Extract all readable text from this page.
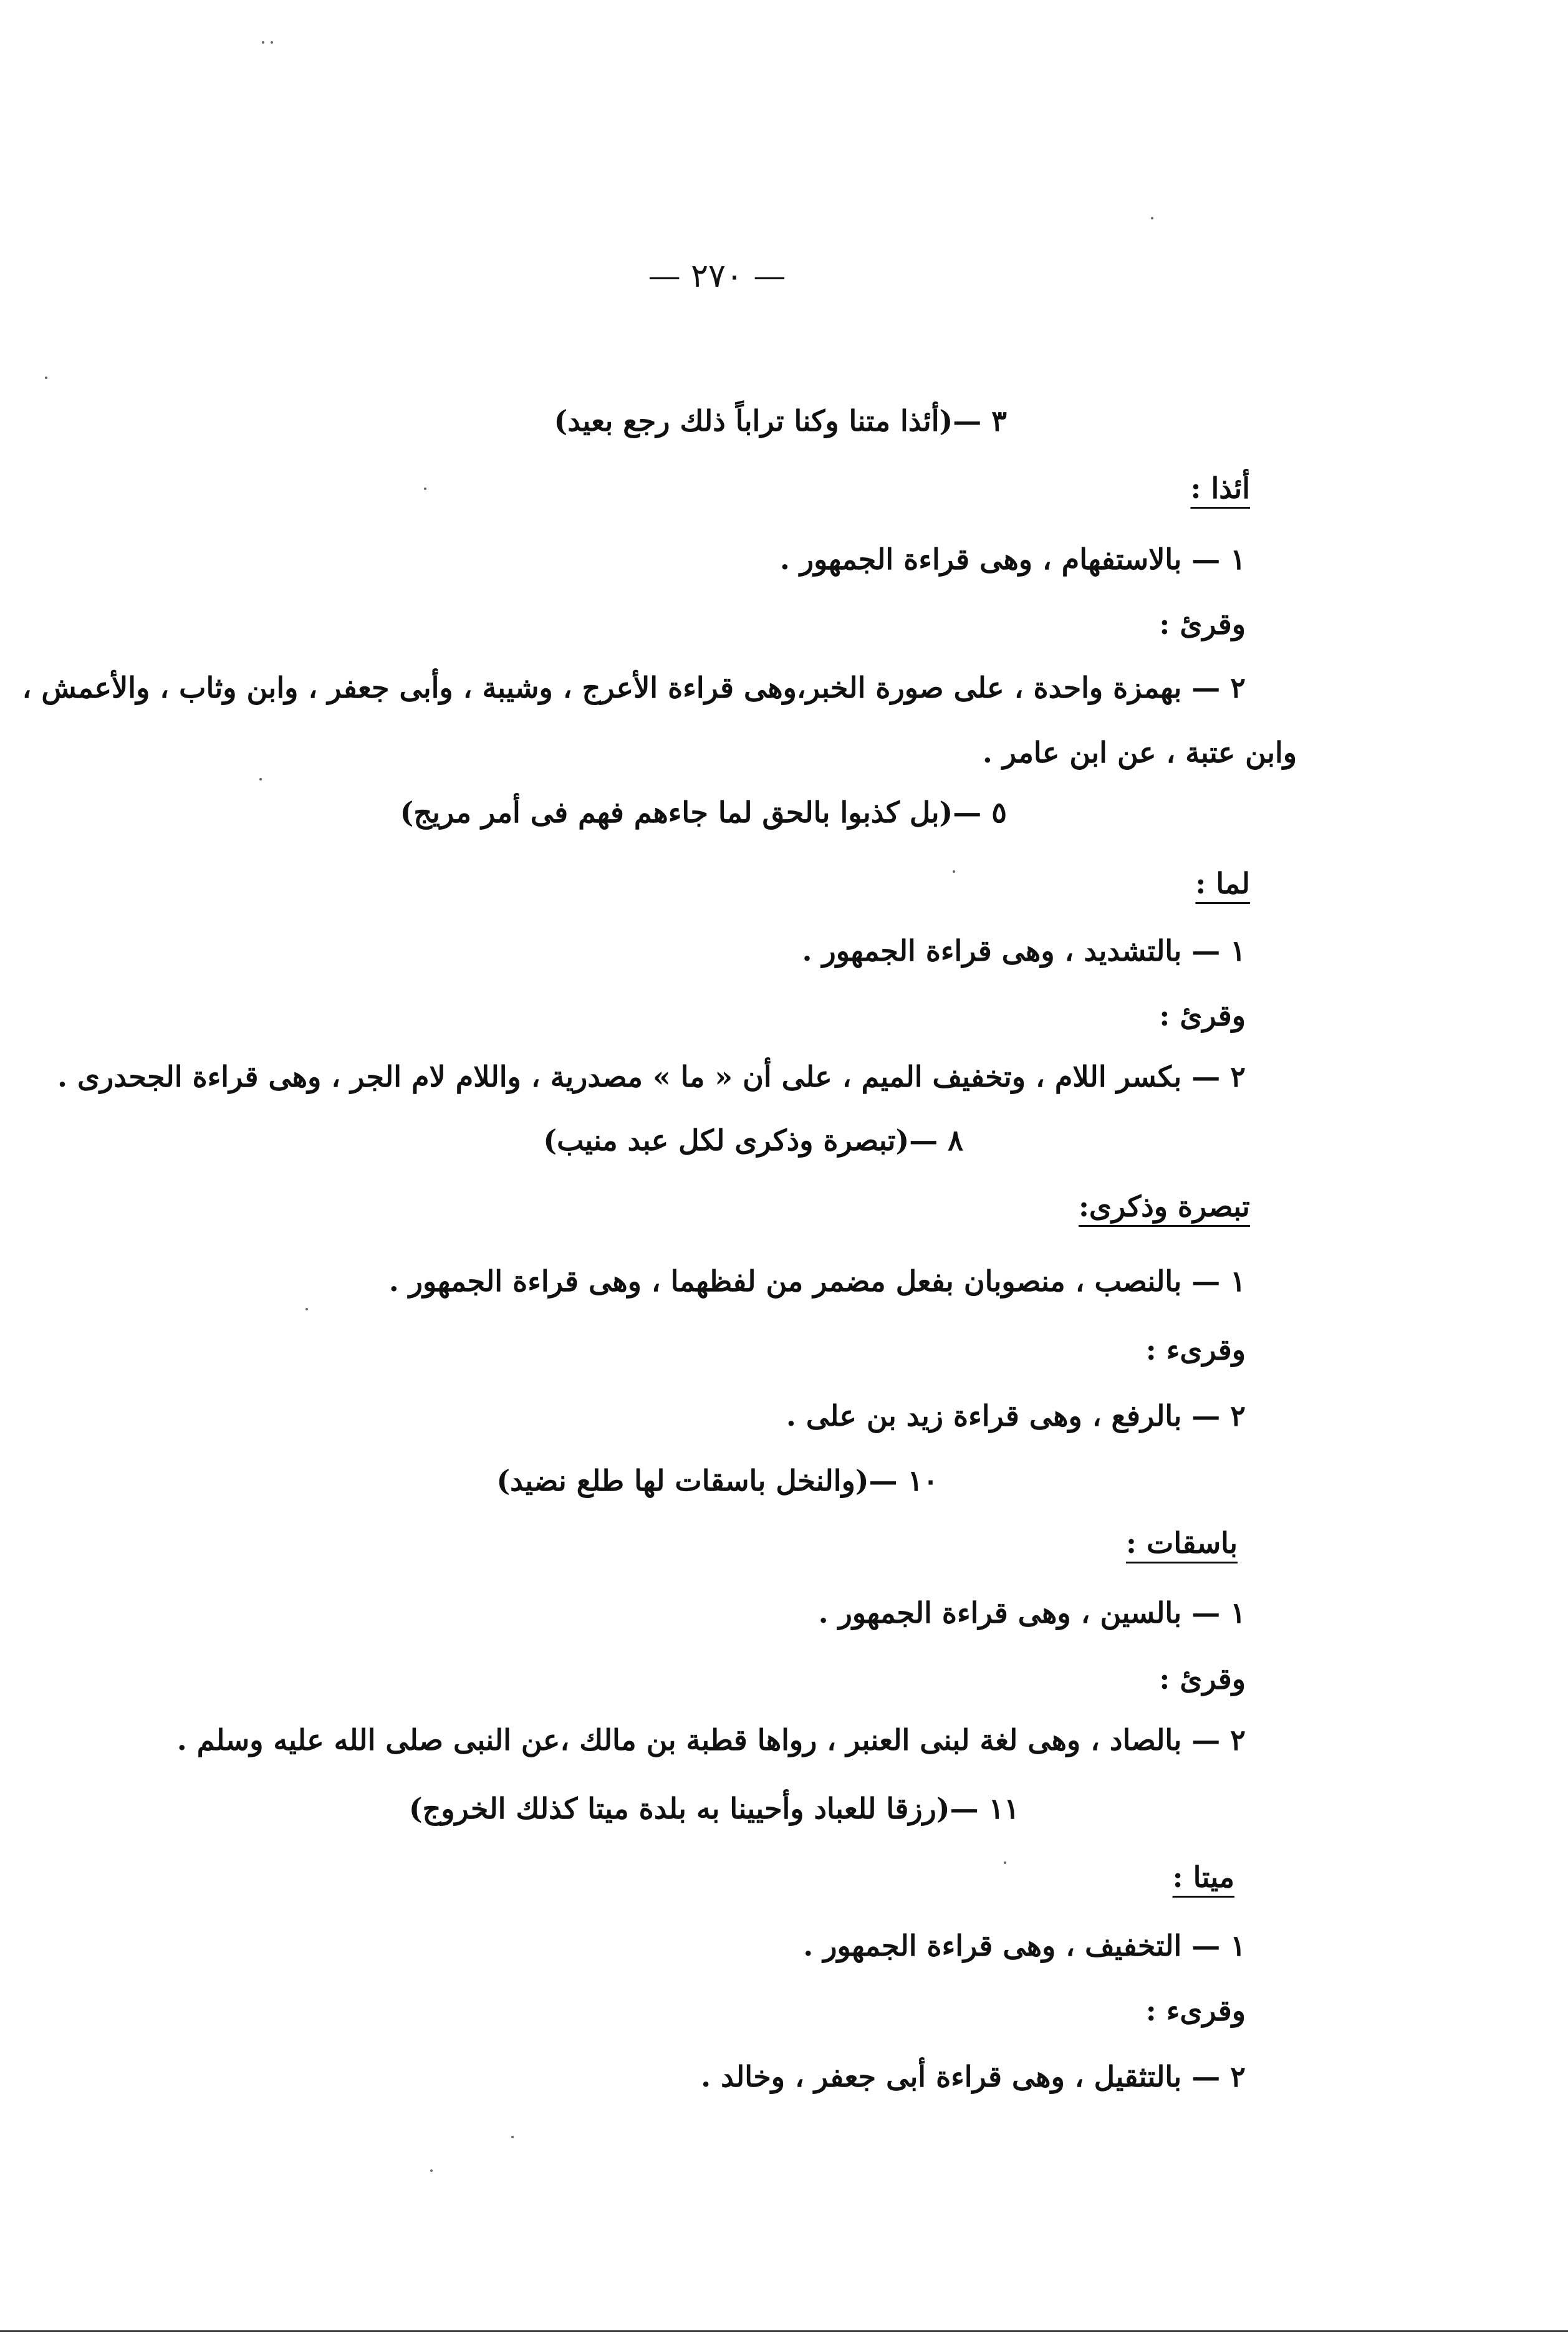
— ٢٧٠ —
٣ —(أئذا متنا وكنا تراباً ذلك رجع بعيد)
أئذا :
١ — بالاستفهام ، وهى قراءة الجمهور .
وقرئ :
٢ — بهمزة واحدة ، على صورة الخبر،وهى قراءة الأعرج ، وشيبة ، وأبى جعفر ، وابن وثاب ، والأعمش ،
وابن عتبة ، عن ابن عامر .
٥ —(بل كذبوا بالحق لما جاءهم فهم فى أمر مريج)
لما :
١ — بالتشديد ، وهى قراءة الجمهور .
وقرئ :
٢ — بكسر اللام ، وتخفيف الميم ، على أن « ما » مصدرية ، واللام لام الجر ، وهى قراءة الجحدرى .
٨ —(تبصرة وذكرى لكل عبد منيب)
تبصرة وذكرى:
١ — بالنصب ، منصوبان بفعل مضمر من لفظهما ، وهى قراءة الجمهور .
وقرىء :
٢ — بالرفع ، وهى قراءة زيد بن على .
١٠ —(والنخل باسقات لها طلع نضيد)
باسقات :
١ — بالسين ، وهى قراءة الجمهور .
وقرئ :
٢ — بالصاد ، وهى لغة لبنى العنبر ، رواها قطبة بن مالك ،عن النبى صلى الله عليه وسلم .
١١ —(رزقا للعباد وأحيينا به بلدة ميتا كذلك الخروج)
ميتا :
١ — التخفيف ، وهى قراءة الجمهور .
وقرىء :
٢ — بالتثقيل ، وهى قراءة أبى جعفر ، وخالد .
